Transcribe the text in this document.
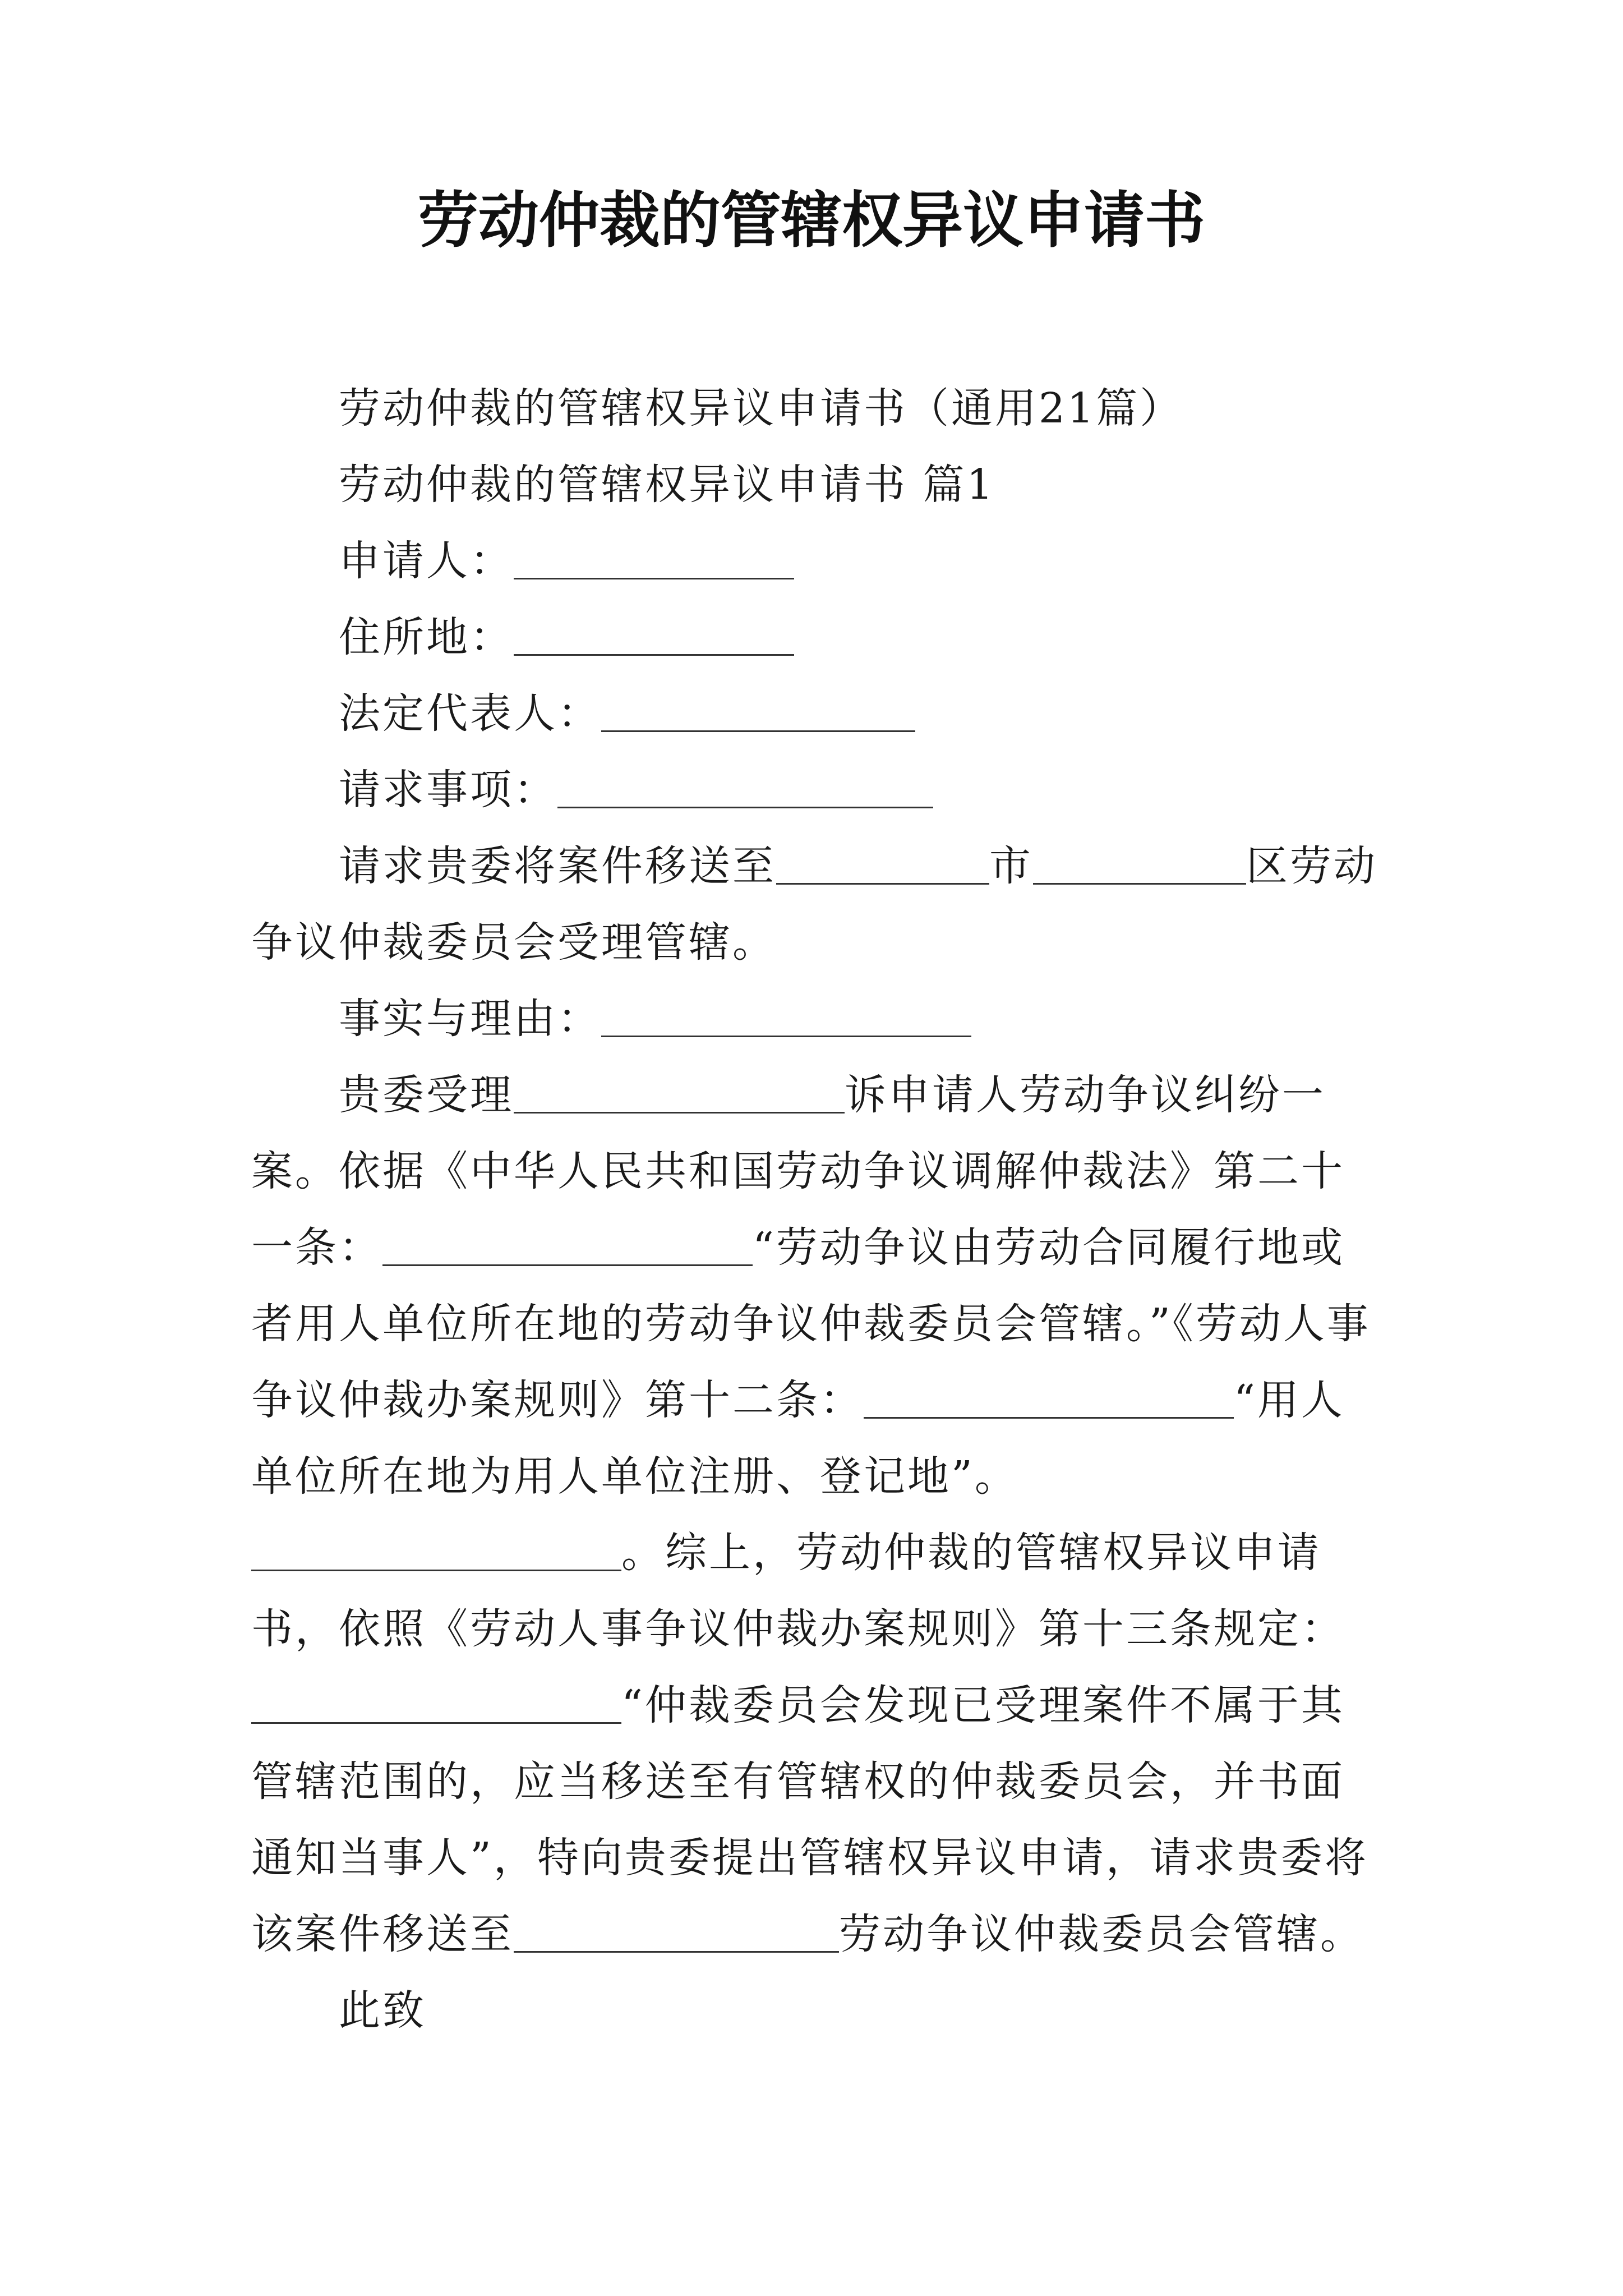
劳动仲裁的管辖权异议申请书

劳动仲裁的管辖权异议申请书（通用21篇）

劳动仲裁的管辖权异议申请书 篇1

申请人：

住所地：

法定代表人：

请求事项：

请求贵委将案件移送至	市	区劳动争议仲裁委员会受理管辖。

事实与理由：

贵委受理	诉申请人劳动争议纠纷一案。依据《中华人民共和国劳动争议调解仲裁法》第二十一条：	“劳动争议由劳动合同履行地或者用人单位所在地的劳动争议仲裁委员会管辖。”《劳动人事争议仲裁办案规则》第十二条：	“用人单位所在地为用人单位注册、登记地”。。综上，劳动仲裁的管辖权异议申请书，依照《劳动人事争议仲裁办案规则》第十三条规定：“仲裁委员会发现已受理案件不属于其管辖范围的，应当移送至有管辖权的仲裁委员会，并书面通知当事人”，特向贵委提出管辖权异议申请，请求贵委将该案件移送至	劳动争议仲裁委员会管辖。

此致
